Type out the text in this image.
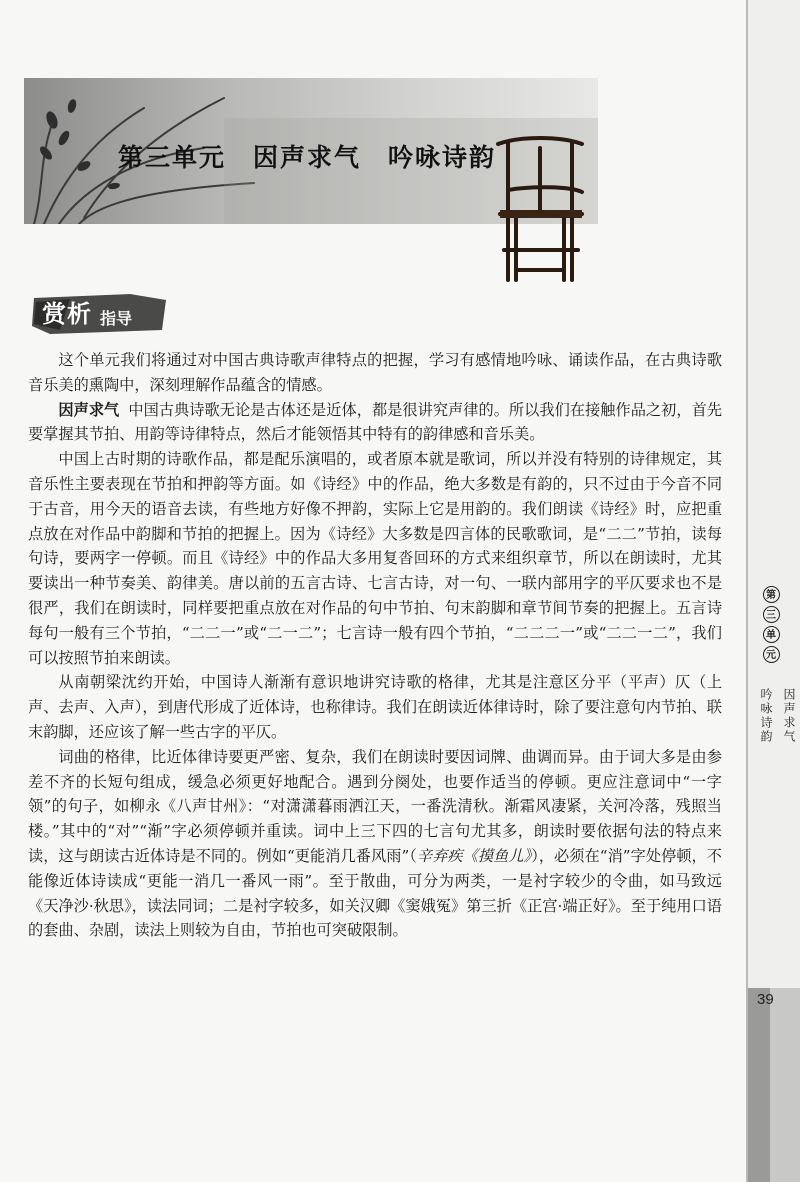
第三单元　因声求气　吟咏诗韵
赏析 指导

这个单元我们将通过对中国古典诗歌声律特点的把握，学习有感情地吟咏、诵读作品，在古典诗歌音乐美的熏陶中，深刻理解作品蕴含的情感。

因声求气 中国古典诗歌无论是古体还是近体，都是很讲究声律的。所以我们在接触作品之初，首先要掌握其节拍、用韵等诗律特点，然后才能领悟其中特有的韵律感和音乐美。

中国上古时期的诗歌作品，都是配乐演唱的，或者原本就是歌词，所以并没有特别的诗律规定，其音乐性主要表现在节拍和押韵等方面。如《诗经》中的作品，绝大多数是有韵的，只不过由于今音不同于古音，用今天的语音去读，有些地方好像不押韵，实际上它是用韵的。我们朗读《诗经》时，应把重点放在对作品中韵脚和节拍的把握上。因为《诗经》大多数是四言体的民歌歌词，是“二二”节拍，读每句诗，要两字一停顿。而且《诗经》中的作品大多用复沓回环的方式来组织章节，所以在朗读时，尤其要读出一种节奏美、韵律美。唐以前的五言古诗、七言古诗，对一句、一联内部用字的平仄要求也不是很严，我们在朗读时，同样要把重点放在对作品的句中节拍、句末韵脚和章节间节奏的把握上。五言诗每句一般有三个节拍，“二二一”或“二一二”；七言诗一般有四个节拍，“二二二一”或“二二一二”，我们可以按照节拍来朗读。

从南朝梁沈约开始，中国诗人渐渐有意识地讲究诗歌的格律，尤其是注意区分平（平声）仄（上声、去声、入声），到唐代形成了近体诗，也称律诗。我们在朗读近体律诗时，除了要注意句内节拍、联末韵脚，还应该了解一些古字的平仄。

词曲的格律，比近体律诗要更严密、复杂，我们在朗读时要因词牌、曲调而异。由于词大多是由参差不齐的长短句组成，缓急必须更好地配合。遇到分阕处，也要作适当的停顿。更应注意词中“一字领”的句子，如柳永《八声甘州》：“对潇潇暮雨洒江天，一番洗清秋。渐霜风凄紧，关河冷落，残照当楼。”其中的“对”“渐”字必须停顿并重读。词中上三下四的七言句尤其多，朗读时要依据句法的特点来读，这与朗读古近体诗是不同的。例如“更能消几番风雨”（辛弃疾《摸鱼儿》），必须在“消”字处停顿，不能像近体诗读成“更能一消几一番风一雨”。至于散曲，可分为两类，一是衬字较少的令曲，如马致远《天净沙·秋思》，读法同词；二是衬字较多，如关汉卿《窦娥冤》第三折《正宫·端正好》。至于纯用口语的套曲、杂剧，读法上则较为自由，节拍也可突破限制。

第
三
单
元
因声求气
吟咏诗韵
39
